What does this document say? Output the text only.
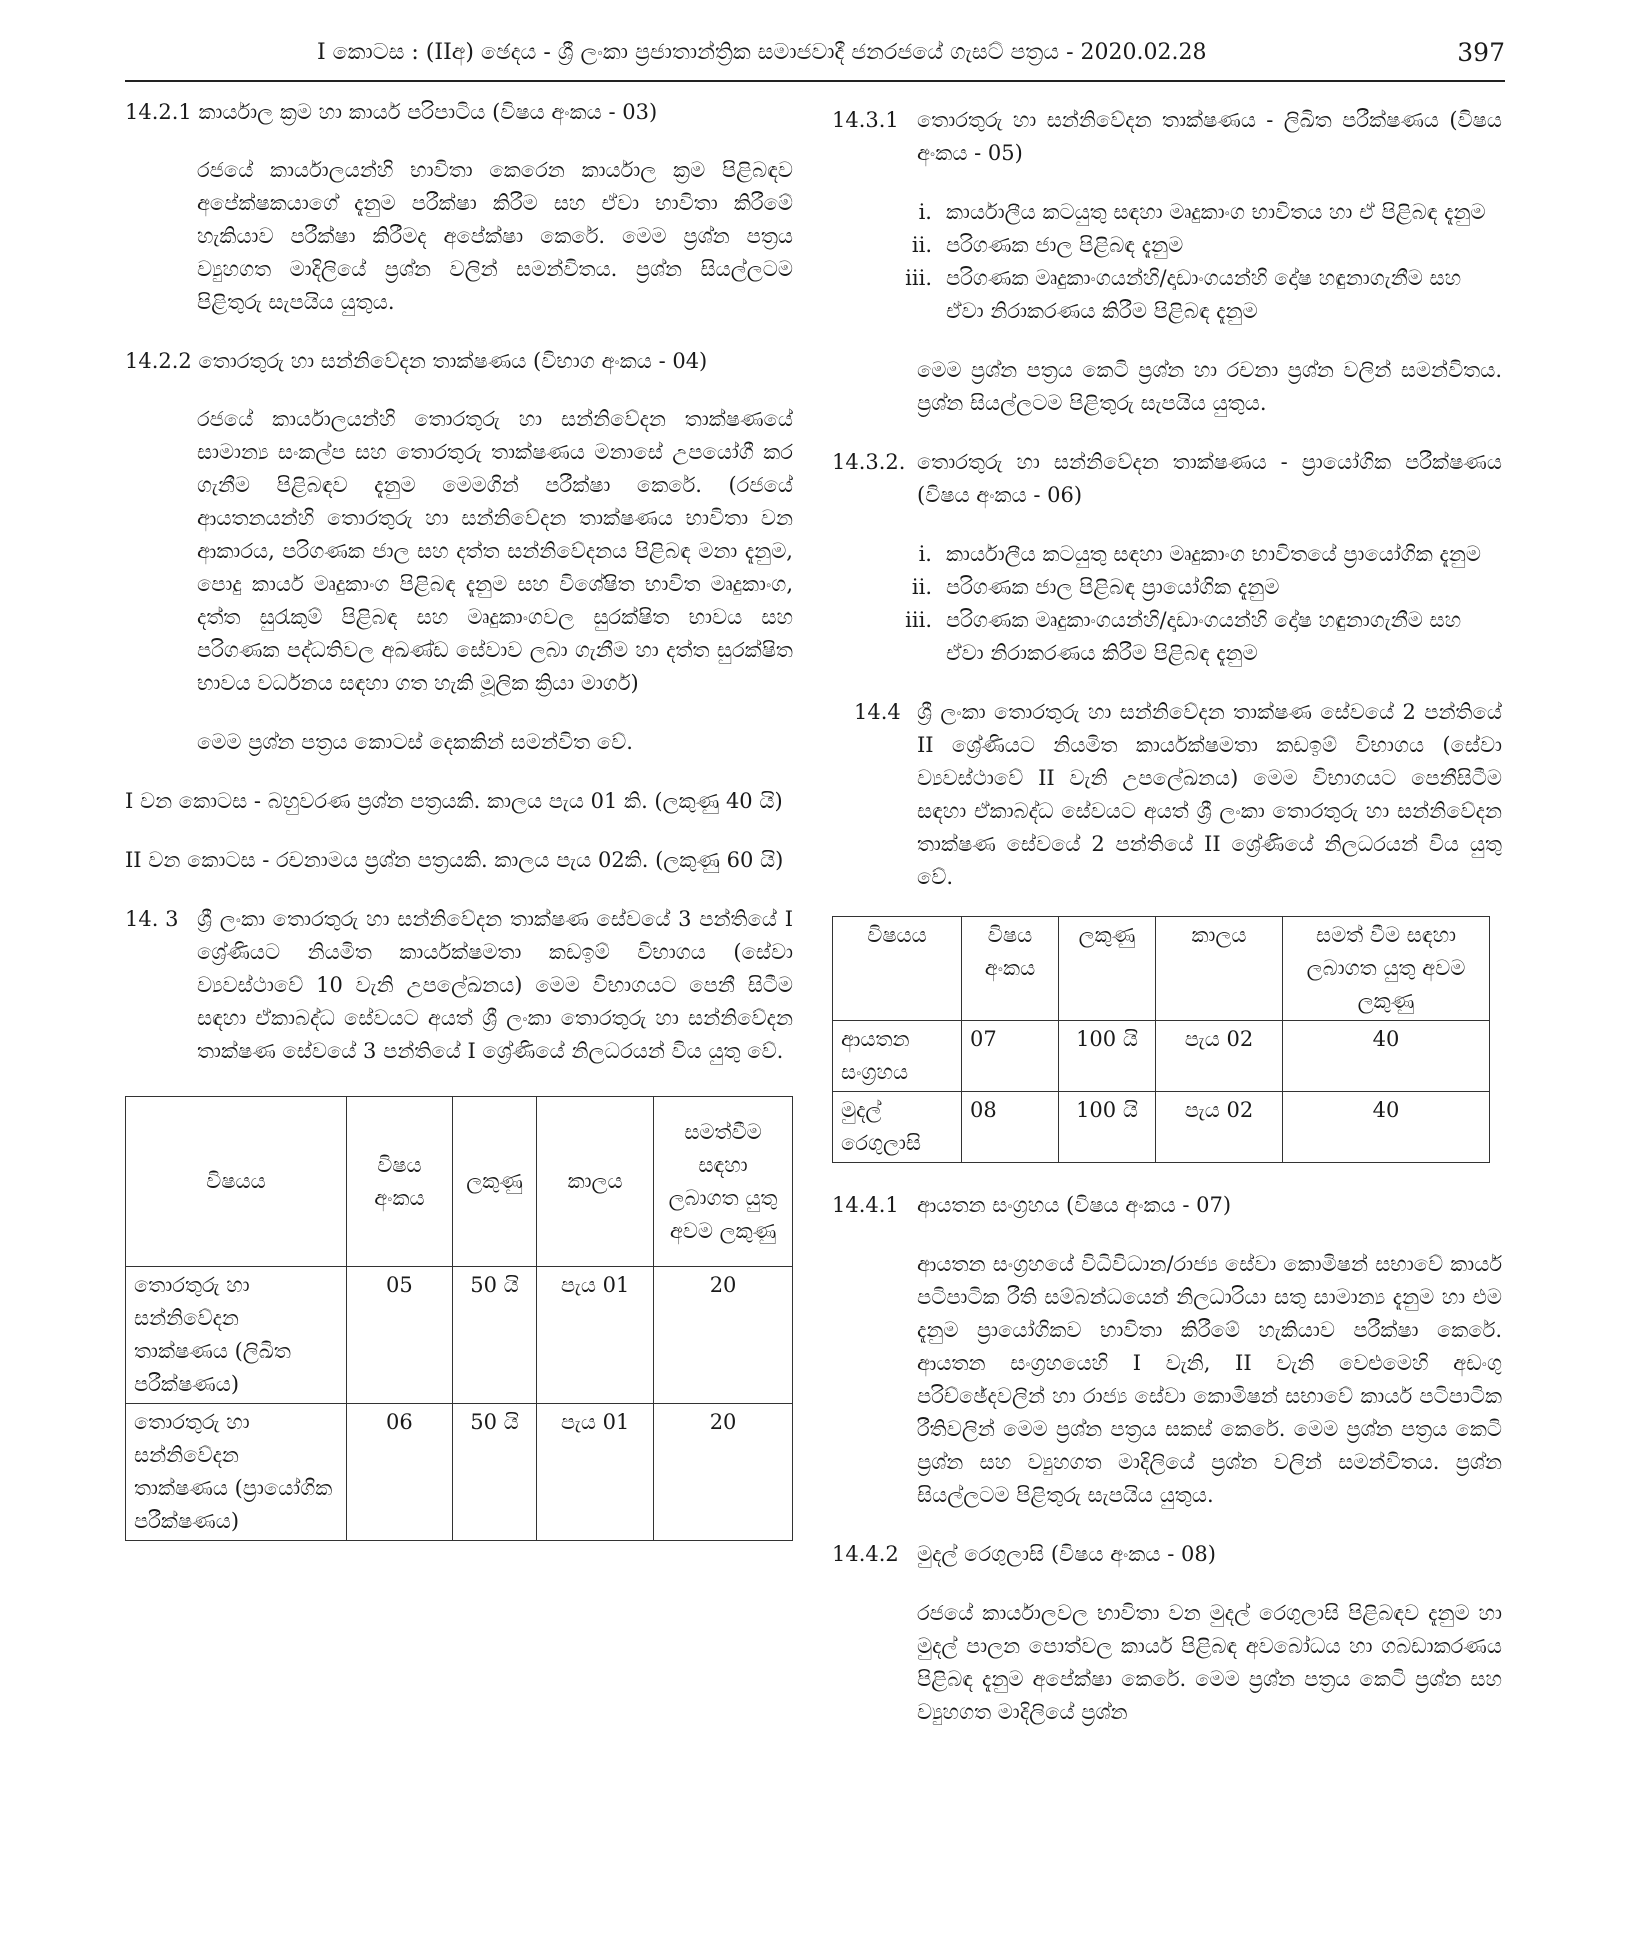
I කොටස : (IIඅ) ඡෙදය - ශ්‍රී ලංකා ප්‍රජාතාන්ත්‍රික සමාජවාදී ජනරජයේ ගැසට් පත්‍රය - 2020.02.28	397

14.2.1 කාර්යාල ක්‍රම හා කාර්ය පරිපාටිය (විෂය අංකය - 03)

රජයේ කාර්යාලයන්හි භාවිතා කෙරෙන කාර්යාල ක්‍රම පිළිබඳව අපේක්ෂකයාගේ දැනුම පරීක්ෂා කිරීම සහ ඒවා භාවිතා කිරීමේ හැකියාව පරීක්ෂා කිරීමද අපේක්ෂා කෙරේ. මෙම ප්‍රශ්න පත්‍රය ව්‍යුහගත මාදිලියේ ප්‍රශ්න වලින් සමන්විතය. ප්‍රශ්න සියල්ලටම පිළිතුරු සැපයිය යුතුය.

14.2.2 තොරතුරු හා සන්නිවේදන තාක්ෂණය (විභාග අංකය - 04)

රජයේ කාර්යාලයන්හි තොරතුරු හා සන්නිවේදන තාක්ෂණයේ සාමාන්‍ය සංකල්ප සහ තොරතුරු තාක්ෂණය මනාසේ උපයෝගී කර ගැනීම පිළිබඳව දැනුම මෙමගින් පරීක්ෂා කෙරේ. (රජයේ ආයතනයන්හි තොරතුරු හා සන්නිවේදන තාක්ෂණය භාවිතා වන ආකාරය, පරිගණක ජාල සහ දත්ත සන්නිවේදනය පිළිබඳ මනා දැනුම, පොදු කාර්ය මෘදුකාංග පිළිබඳ දැනුම සහ විශේෂිත භාවිත මෘදුකාංග, දත්ත සුරැකුම් පිළිබඳ සහ මෘදුකාංගවල සුරක්ෂිත භාවය සහ පරිගණක පද්ධතිවල අඛණ්ඩ සේවාව ලබා ගැනීම හා දත්ත සුරක්ෂිත භාවය වර්ධනය සඳහා ගත හැකි මූලික ක්‍රියා මාර්ග)

මෙම ප්‍රශ්න පත්‍රය කොටස් දෙකකින් සමන්විත වේ.

I වන කොටස - බහුවරණ ප්‍රශ්න පත්‍රයකි. කාලය පැය 01 කි. (ලකුණු 40 යි)

II වන කොටස - රචනාමය ප්‍රශ්න පත්‍රයකි. කාලය පැය 02කි. (ලකුණු 60 යි)

14. 3 ශ්‍රී ලංකා තොරතුරු හා සන්නිවේදන තාක්ෂණ සේවයේ 3 පන්තියේ I ශ්‍රේණියට නියමිත කාර්යක්ෂමතා කඩඉම් විභාගය (සේවා ව්‍යවස්ථාවේ 10 වැනි උපලේඛනය) මෙම විභාගයට පෙනී සිටීම සඳහා ඒකාබද්ධ සේවයට අයත් ශ්‍රී ලංකා තොරතුරු හා සන්නිවේදන තාක්ෂණ සේවයේ 3 පන්තියේ I ශ්‍රේණියේ නිලධරයන් විය යුතු වේ.
විෂයය	විෂය අංකය	ලකුණු	කාලය	සමත්වීම සඳහා ලබාගත යුතු අවම ලකුණු
තොරතුරු හා සන්නිවේදන තාක්ෂණය (ලිඛිත පරීක්ෂණය)	05	50 යි	පැය 01	20
තොරතුරු හා සන්නිවේදන තාක්ෂණය (ප්‍රායෝගික පරීක්ෂණය)	06	50 යි	පැය 01	20
14.3.1 තොරතුරු හා සන්නිවේදන තාක්ෂණය - ලිඛිත පරීක්ෂණය (විෂය අංකය - 05)
i. කාර්යාලීය කටයුතු සඳහා මෘදුකාංග භාවිතය හා ඒ පිළිබඳ දැනුම
ii. පරිගණක ජාල පිළිබඳ දැනුම
iii. පරිගණක මෘදුකාංගයන්හි/දෘඩාංගයන්හි දෝෂ හඳුනාගැනීම සහ ඒවා නිරාකරණය කිරීම පිළිබඳ දැනුම

මෙම ප්‍රශ්න පත්‍රය කෙටි ප්‍රශ්න හා රචනා ප්‍රශ්න වලින් සමන්විතය. ප්‍රශ්න සියල්ලටම පිළිතුරු සැපයිය යුතුය.

14.3.2. තොරතුරු හා සන්නිවේදන තාක්ෂණය - ප්‍රායෝගික පරීක්ෂණය (විෂය අංකය - 06)
i. කාර්යාලීය කටයුතු සඳහා මෘදුකාංග භාවිතයේ ප්‍රායෝගික දැනුම
ii. පරිගණක ජාල පිළිබඳ ප්‍රායෝගික දැනුම
iii. පරිගණක මෘදුකාංගයන්හි/දෘඩාංගයන්හි දෝෂ හඳුනාගැනීම සහ ඒවා නිරාකරණය කිරීම පිළිබඳ දැනුම
14.4 ශ්‍රී ලංකා තොරතුරු හා සන්නිවේදන තාක්ෂණ සේවයේ 2 පන්තියේ II ශ්‍රේණියට නියමිත කාර්යක්ෂමතා කඩඉම් විභාගය (සේවා ව්‍යවස්ථාවේ II වැනි උපලේඛනය) මෙම විභාගයට පෙනීසිටීම සඳහා ඒකාබද්ධ සේවයට අයත් ශ්‍රී ලංකා තොරතුරු හා සන්නිවේදන තාක්ෂණ සේවයේ 2 පන්තියේ II ශ්‍රේණියේ නිලධරයන් විය යුතු වේ.
විෂයය	විෂය අංකය	ලකුණු	කාලය	සමත් වීම සඳහා ලබාගත යුතු අවම ලකුණු
ආයතන සංග්‍රහය	07	100 යි	පැය 02	40
මුදල් රෙගුලාසි	08	100 යි	පැය 02	40
14.4.1 ආයතන සංග්‍රහය (විෂය අංකය - 07)

ආයතන සංග්‍රහයේ විධිවිධාන/රාජ්‍ය සේවා කොමිෂන් සභාවේ කාර්ය පටිපාටික රීති සම්බන්ධයෙන් නිලධාරියා සතු සාමාන්‍ය දැනුම හා එම දැනුම ප්‍රායෝගිකව භාවිතා කිරීමේ හැකියාව පරීක්ෂා කෙරේ. ආයතන සංග්‍රහයෙහි I වැනි, II වැනි වෙළුමෙහි අඩංගු පරිච්ඡේදවලින් හා රාජ්‍ය සේවා කොමිෂන් සභාවේ කාර්ය පටිපාටික රීතිවලින් මෙම ප්‍රශ්න පත්‍රය සකස් කෙරේ. මෙම ප්‍රශ්න පත්‍රය කෙටි ප්‍රශ්න සහ ව්‍යුහගත මාදිලියේ ප්‍රශ්න වලින් සමන්විතය. ප්‍රශ්න සියල්ලටම පිළිතුරු සැපයිය යුතුය.

14.4.2 මුදල් රෙගුලාසි (විෂය අංකය - 08)

රජයේ කාර්යාලවල භාවිතා වන මුදල් රෙගුලාසි පිළිබඳව දැනුම හා මුදල් පාලන පොත්වල කාර්ය පිළිබඳ අවබෝධය හා ගබඩාකරණය පිළිබඳ දැනුම අපේක්ෂා කෙරේ. මෙම ප්‍රශ්න පත්‍රය කෙටි ප්‍රශ්න සහ ව්‍යුහගත මාදිලියේ ප්‍රශ්න
